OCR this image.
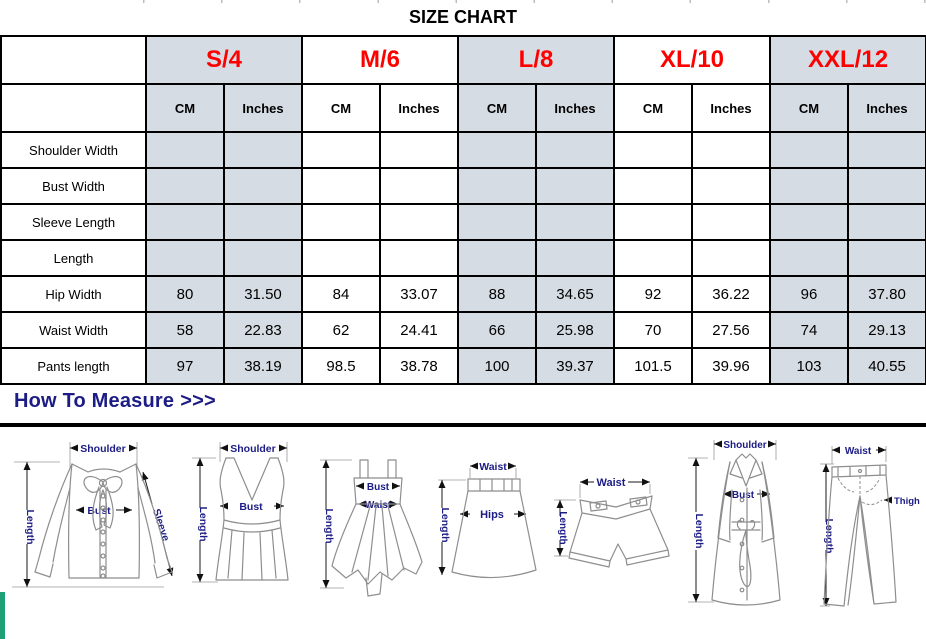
SIZE CHART
	S/4		M/6		L/8		XL/10		XXL/12	
	CM	Inches	CM	Inches	CM	Inches	CM	Inches	CM	Inches
Shoulder Width										
Bust Width										
Sleeve Length										
Length										
Hip Width	80	31.50	84	33.07	88	34.65	92	36.22	96	37.80
Waist Width	58	22.83	62	24.41	66	25.98	70	27.56	74	29.13
Pants length	97	38.19	98.5	38.78	100	39.37	101.5	39.96	103	40.55
How To Measure >>>
Shoulder
Length	Bust	Sleeve
Shoulder
Length	Bust
Length
Bust
Waist
Waist
Length	Hips
Waist
Length
Shoulder
Length
Bust
Waist
Length
Thigh
